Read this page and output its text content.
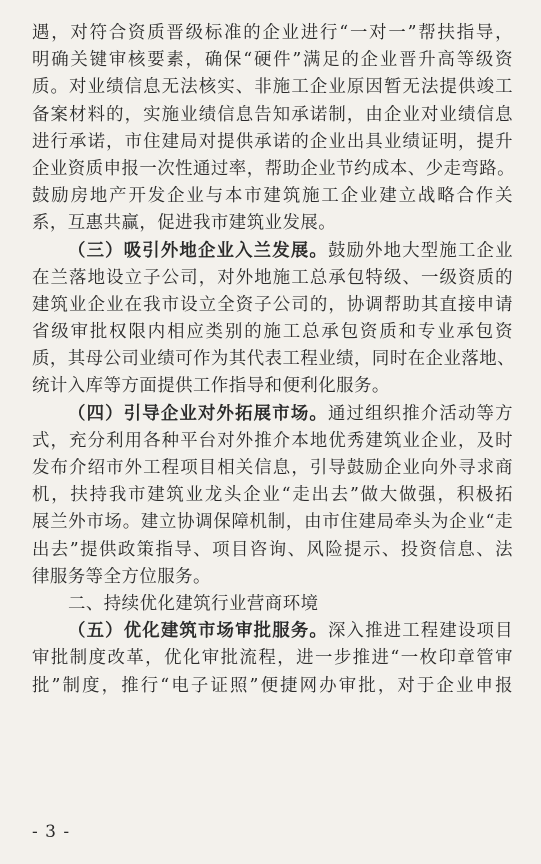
遇，对符合资质晋级标准的企业进行“一对一”帮扶指导，
明确关键审核要素，确保“硬件”满足的企业晋升高等级资
质。对业绩信息无法核实、非施工企业原因暂无法提供竣工
备案材料的，实施业绩信息告知承诺制，由企业对业绩信息
进行承诺，市住建局对提供承诺的企业出具业绩证明，提升
企业资质申报一次性通过率，帮助企业节约成本、少走弯路。
鼓励房地产开发企业与本市建筑施工企业建立战略合作关
系，互惠共赢，促进我市建筑业发展。
（三）吸引外地企业入兰发展。鼓励外地大型施工企业
在兰落地设立子公司，对外地施工总承包特级、一级资质的
建筑业企业在我市设立全资子公司的，协调帮助其直接申请
省级审批权限内相应类别的施工总承包资质和专业承包资
质，其母公司业绩可作为其代表工程业绩，同时在企业落地、
统计入库等方面提供工作指导和便利化服务。
（四）引导企业对外拓展市场。通过组织推介活动等方
式，充分利用各种平台对外推介本地优秀建筑业企业，及时
发布介绍市外工程项目相关信息，引导鼓励企业向外寻求商
机，扶持我市建筑业龙头企业“走出去”做大做强，积极拓
展兰外市场。建立协调保障机制，由市住建局牵头为企业“走
出去”提供政策指导、项目咨询、风险提示、投资信息、法
律服务等全方位服务。
二、持续优化建筑行业营商环境
（五）优化建筑市场审批服务。深入推进工程建设项目
审批制度改革，优化审批流程，进一步推进“一枚印章管审
批”制度，推行“电子证照”便捷网办审批，对于企业申报
- 3 -
